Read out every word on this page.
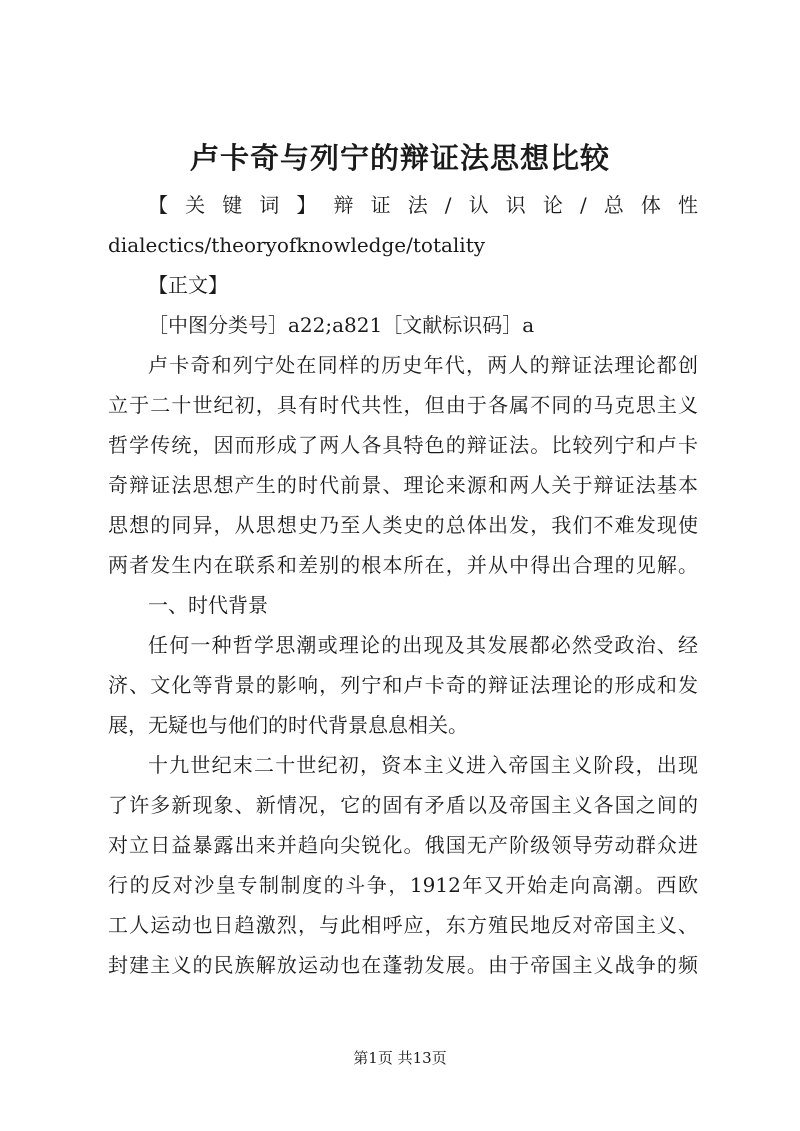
卢卡奇与列宁的辩证法思想比较
【关键词】辩证法/认识论/总体性
dialectics/theoryofknowledge/totality
【正文】
［中图分类号］a22;a821［文献标识码］a
卢卡奇和列宁处在同样的历史年代，两人的辩证法理论都创
立于二十世纪初，具有时代共性，但由于各属不同的马克思主义
哲学传统，因而形成了两人各具特色的辩证法。比较列宁和卢卡
奇辩证法思想产生的时代前景、理论来源和两人关于辩证法基本
思想的同异，从思想史乃至人类史的总体出发，我们不难发现使
两者发生内在联系和差别的根本所在，并从中得出合理的见解。
一、时代背景
任何一种哲学思潮或理论的出现及其发展都必然受政治、经
济、文化等背景的影响，列宁和卢卡奇的辩证法理论的形成和发
展，无疑也与他们的时代背景息息相关。
十九世纪末二十世纪初，资本主义进入帝国主义阶段，出现
了许多新现象、新情况，它的固有矛盾以及帝国主义各国之间的
对立日益暴露出来并趋向尖锐化。俄国无产阶级领导劳动群众进
行的反对沙皇专制制度的斗争，1912年又开始走向高潮。西欧
工人运动也日趋激烈，与此相呼应，东方殖民地反对帝国主义、
封建主义的民族解放运动也在蓬勃发展。由于帝国主义战争的频
第1页 共13页
